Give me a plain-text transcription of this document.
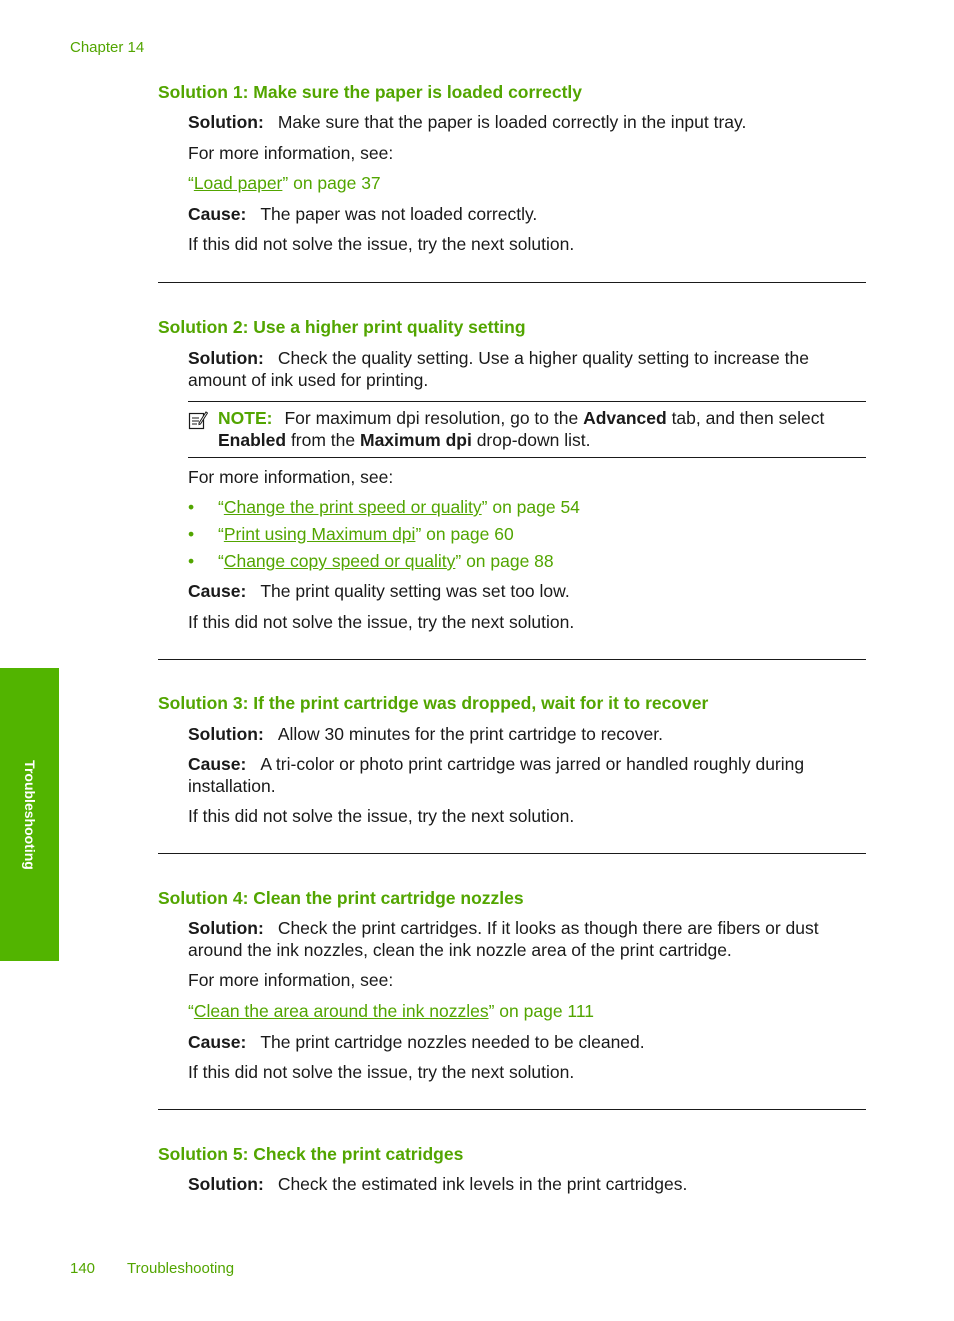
Chapter 14
Troubleshooting
Solution 1: Make sure the paper is loaded correctly

Solution: Make sure that the paper is loaded correctly in the input tray.

For more information, see:

“Load paper” on page 37

Cause: The paper was not loaded correctly.

If this did not solve the issue, try the next solution.

Solution 2: Use a higher print quality setting

Solution: Check the quality setting. Use a higher quality setting to increase the amount of ink used for printing.

NOTE: For maximum dpi resolution, go to the Advanced tab, and then select Enabled from the Maximum dpi drop-down list.

For more information, see:

• “Change the print speed or quality” on page 54
• “Print using Maximum dpi” on page 60
• “Change copy speed or quality” on page 88

Cause: The print quality setting was set too low.

If this did not solve the issue, try the next solution.

Solution 3: If the print cartridge was dropped, wait for it to recover

Solution: Allow 30 minutes for the print cartridge to recover.

Cause: A tri-color or photo print cartridge was jarred or handled roughly during installation.

If this did not solve the issue, try the next solution.

Solution 4: Clean the print cartridge nozzles

Solution: Check the print cartridges. If it looks as though there are fibers or dust around the ink nozzles, clean the ink nozzle area of the print cartridge.

For more information, see:

“Clean the area around the ink nozzles” on page 111

Cause: The print cartridge nozzles needed to be cleaned.

If this did not solve the issue, try the next solution.

Solution 5: Check the print catridges

Solution: Check the estimated ink levels in the print cartridges.

140 Troubleshooting
